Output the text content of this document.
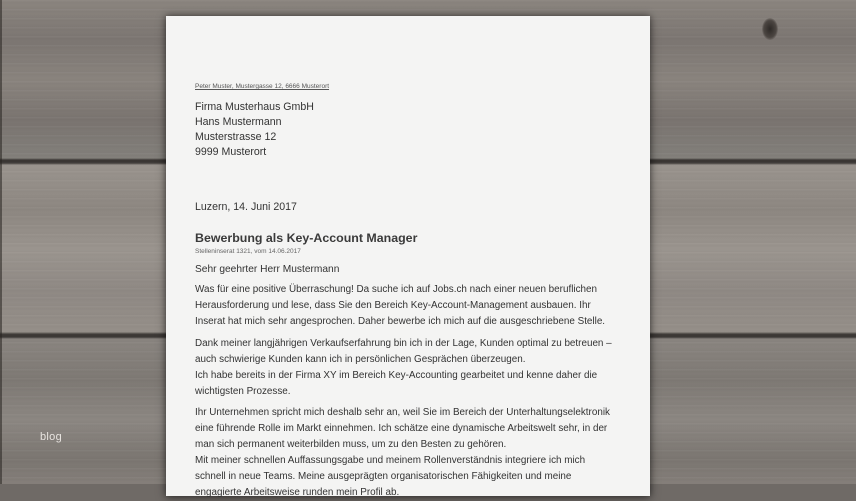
blog
Peter Muster, Mustergasse 12, 6666 Musterort
Firma Musterhaus GmbH
Hans Mustermann
Musterstrasse 12
9999 Musterort
Luzern, 14. Juni 2017
Bewerbung als Key-Account Manager
Stelleninserat 1321, vom 14.06.2017
Sehr geehrter Herr Mustermann
Was für eine positive Überraschung! Da suche ich auf Jobs.ch nach einer neuen beruflichen
Herausforderung und lese, dass Sie den Bereich Key-Account-Management ausbauen. Ihr
Inserat hat mich sehr angesprochen. Daher bewerbe ich mich auf die ausgeschriebene Stelle.
Dank meiner langjährigen Verkaufserfahrung bin ich in der Lage, Kunden optimal zu betreuen –
auch schwierige Kunden kann ich in persönlichen Gesprächen überzeugen.
Ich habe bereits in der Firma XY im Bereich Key-Accounting gearbeitet und kenne daher die
wichtigsten Prozesse.
Ihr Unternehmen spricht mich deshalb sehr an, weil Sie im Bereich der Unterhaltungselektronik
eine führende Rolle im Markt einnehmen. Ich schätze eine dynamische Arbeitswelt sehr, in der
man sich permanent weiterbilden muss, um zu den Besten zu gehören.
Mit meiner schnellen Auffassungsgabe und meinem Rollenverständnis integriere ich mich
schnell in neue Teams. Meine ausgeprägten organisatorischen Fähigkeiten und meine
engagierte Arbeitsweise runden mein Profil ab.
